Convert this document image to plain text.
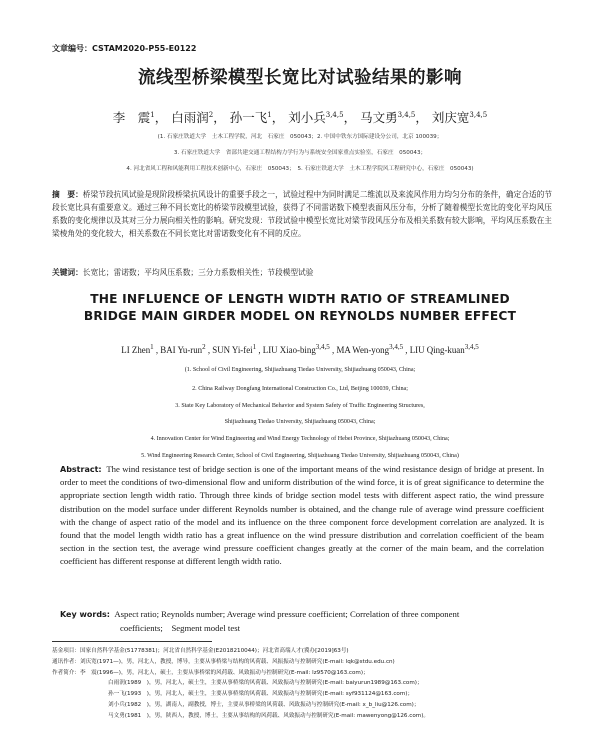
文章编号：CSTAM2020-P55-E0122
流线型桥梁模型长宽比对试验结果的影响
李　震$^1$， 白雨润$^2$， 孙一飞$^1$， 刘小兵$^{3,4,5}$， 马文勇$^{3,4,5}$， 刘庆宽$^{3,4,5}$
(1. 石家庄铁道大学　土木工程学院，河北　石家庄　050043；2. 中国中铁东方国际建设分公司，北京 100039；
3. 石家庄铁道大学　省部共建交通工程结构力学行为与系统安全国家重点实验室，石家庄　050043；
4. 河北省风工程和风能利用工程技术创新中心，石家庄　050043；　5. 石家庄铁道大学　土木工程学院风工程研究中心，石家庄　050043)
摘　要：桥梁节段抗风试验是现阶段桥梁抗风设计的重要手段之一，试验过程中为同时满足二维流以及来流风作用力均匀分布的条件，确定合适的节段长宽比具有重要意义。通过三种不同长宽比的桥梁节段模型试验，获得了不同雷诺数下模型表面风压分布，分析了随着模型长宽比的变化平均风压系数的变化规律以及其对三分力展向相关性的影响。研究发现：节段试验中模型长宽比对梁节段风压分布及相关系数有较大影响，平均风压系数在主梁棱角处的变化较大，相关系数在不同长宽比对雷诺数变化有不同的反应。
关键词：长宽比；雷诺数；平均风压系数；三分力系数相关性；节段模型试验
THE INFLUENCE OF LENGTH WIDTH RATIO OF STREAMLINED
BRIDGE MAIN GIRDER MODEL ON REYNOLDS NUMBER EFFECT
LI Zhen$^1$ , BAI Yu-run$^2$ , SUN Yi-fei$^1$ , LIU Xiao-bing$^{3,4,5}$ , MA Wen-yong$^{3,4,5}$ , LIU Qing-kuan$^{3,4,5}$
(1. School of Civil Engineering, Shijiazhuang Tiedao University, Shijiazhuang 050043, China;
2. China Railway Dongfang International Construction Co., Ltd, Beijing 100039, China;
3. State Key Laboratory of Mechanical Behavior and System Safety of Traffic Engineering Structures,
Shijiazhuang Tiedao University, Shijiazhuang 050043, China;
4. Innovation Center for Wind Engineering and Wind Energy Technology of Hebei Province, Shijiazhuang 050043, China;
5. Wind Engineering Research Center, School of Civil Engineering, Shijiazhuang Tiedao University, Shijiazhuang 050043, China)
Abstract: The wind resistance test of bridge section is one of the important means of the wind resistance design of bridge at present. In order to meet the conditions of two-dimensional flow and uniform distribution of the wind force, it is of great significance to determine the appropriate section length width ratio. Through three kinds of bridge section model tests with different aspect ratio, the wind pressure distribution on the model surface under different Reynolds number is obtained, and the change rule of average wind pressure coefficient with the change of aspect ratio of the model and its influence on the three component force development correlation are analyzed. It is found that the model length width ratio has a great influence on the wind pressure distribution and correlation coefficient of the beam section in the section test, the average wind pressure coefficient changes greatly at the corner of the main beam, and the correlation coefficient has different response at different length width ratio.
Key words: Aspect ratio; Reynolds number; Average wind pressure coefficient; Correlation of three component
coefficients;　Segment model test
基金项目：国家自然科学基金(51778381)；河北省自然科学基金(E2018210044)；河北省高端人才(冀办[2019]63号)
通讯作者：刘庆宽(1971—)，男，河北人，教授，博导，主要从事桥梁与结构的风荷载、风振振动与控制研究(E-mail: lqk@stdu.edu.cn)
作者简介：李　震(1996—)，男，河北人，硕士，主要从事桥梁的风荷载、风致振动与控制研究(E-mail: lz9570@163.com)；
白雨润(1989　)，男，河北人，硕士生，主要从事桥梁的风荷载、风致振动与控制研究(E-mail: baiyurun1989@163.com)；
孙一飞(1993　)，男，河北人，硕士生，主要从事桥梁的风荷载、风致振动与控制研究(E-mail: syf931124@163.com)；
刘小兵(1982　)，男，湖南人，副教授，博士，主要从事桥梁的风荷载、风致振动与控制研究(E-mail: x_b_liu@126.com)；
马文勇(1981　)，男，陕西人，教授，博士，主要从事结构的风荷载、风致振动与控制研究(E-mail: mawenyong@126.com)。
